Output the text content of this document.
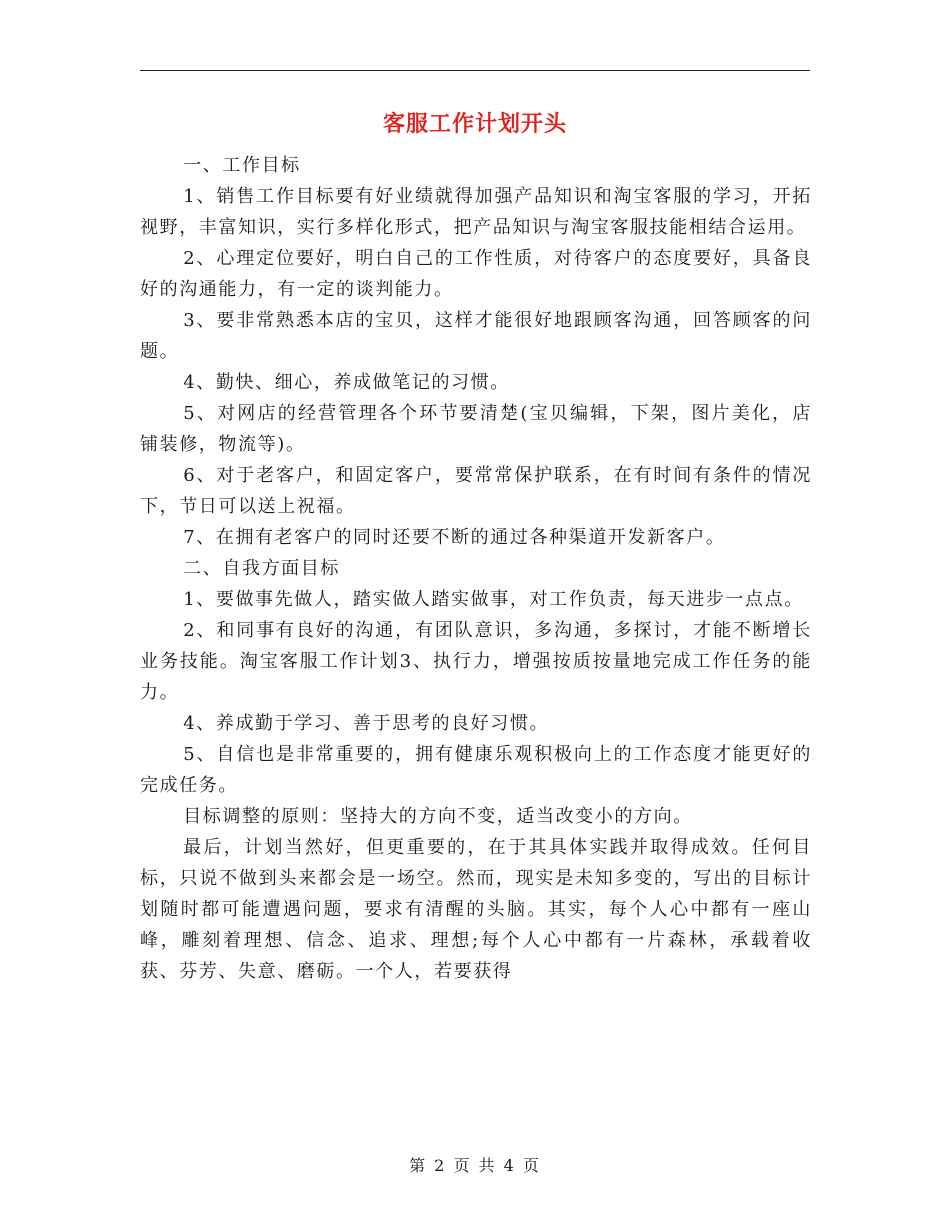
客服工作计划开头

一、工作目标

1、销售工作目标要有好业绩就得加强产品知识和淘宝客服的学习，开拓视野，丰富知识，实行多样化形式，把产品知识与淘宝客服技能相结合运用。

2、心理定位要好，明白自己的工作性质，对待客户的态度要好，具备良好的沟通能力，有一定的谈判能力。

3、要非常熟悉本店的宝贝，这样才能很好地跟顾客沟通，回答顾客的问题。

4、勤快、细心，养成做笔记的习惯。

5、对网店的经营管理各个环节要清楚(宝贝编辑，下架，图片美化，店铺装修，物流等)。

6、对于老客户，和固定客户，要常常保护联系，在有时间有条件的情况下，节日可以送上祝福。

7、在拥有老客户的同时还要不断的通过各种渠道开发新客户。

二、自我方面目标

1、要做事先做人，踏实做人踏实做事，对工作负责，每天进步一点点。

2、和同事有良好的沟通，有团队意识，多沟通，多探讨，才能不断增长业务技能。淘宝客服工作计划3、执行力，增强按质按量地完成工作任务的能力。

4、养成勤于学习、善于思考的良好习惯。

5、自信也是非常重要的，拥有健康乐观积极向上的工作态度才能更好的完成任务。

目标调整的原则：坚持大的方向不变，适当改变小的方向。

最后，计划当然好，但更重要的，在于其具体实践并取得成效。任何目标，只说不做到头来都会是一场空。然而，现实是未知多变的，写出的目标计划随时都可能遭遇问题，要求有清醒的头脑。其实，每个人心中都有一座山峰，雕刻着理想、信念、追求、理想;每个人心中都有一片森林，承载着收获、芬芳、失意、磨砺。一个人，若要获得

第 2 页 共 4 页
